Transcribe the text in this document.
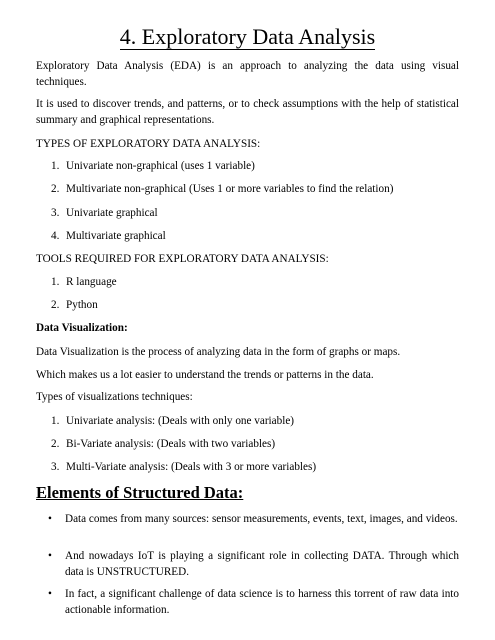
4. Exploratory Data Analysis

Exploratory Data Analysis (EDA) is an approach to analyzing the data using visual techniques.

It is used to discover trends, and patterns, or to check assumptions with the help of statistical summary and graphical representations.

TYPES OF EXPLORATORY DATA ANALYSIS:
1. Univariate non-graphical (uses 1 variable)
2. Multivariate non-graphical (Uses 1 or more variables to find the relation)
3. Univariate graphical
4. Multivariate graphical
TOOLS REQUIRED FOR EXPLORATORY DATA ANALYSIS:
1. R language
2. Python
Data Visualization:
Data Visualization is the process of analyzing data in the form of graphs or maps.
Which makes us a lot easier to understand the trends or patterns in the data.
Types of visualizations techniques:
1. Univariate analysis: (Deals with only one variable)
2. Bi-Variate analysis: (Deals with two variables)
3. Multi-Variate analysis: (Deals with 3 or more variables)
Elements of Structured Data:
•	Data comes from many sources: sensor measurements, events, text, images, and videos.
•	And nowadays IoT is playing a significant role in collecting DATA. Through which data is UNSTRUCTURED.
•	In fact, a significant challenge of data science is to harness this torrent of raw data into actionable information.
